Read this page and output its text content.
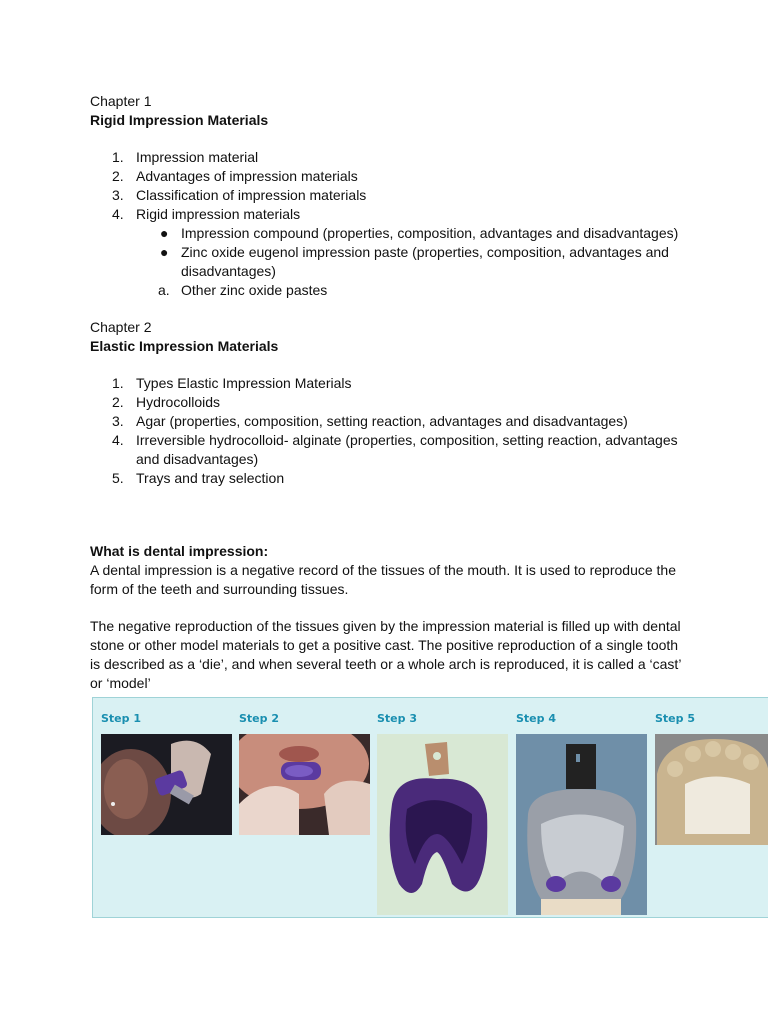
Chapter 1

Rigid Impression Materials

1. Impression material
2. Advantages of impression materials
3. Classification of impression materials
4. Rigid impression materials
● Impression compound (properties, composition, advantages and disadvantages)
● Zinc oxide eugenol impression paste (properties, composition, advantages and disadvantages)
a. Other zinc oxide pastes

Chapter 2

Elastic Impression Materials

1. Types Elastic Impression Materials
2. Hydrocolloids
3. Agar (properties, composition, setting reaction, advantages and disadvantages)
4. Irreversible hydrocolloid- alginate (properties, composition, setting reaction, advantages and disadvantages)
5. Trays and tray selection

What is dental impression:

A dental impression is a negative record of the tissues of the mouth. It is used to reproduce the form of the teeth and surrounding tissues.

The negative reproduction of the tissues given by the impression material is filled up with dental stone or other model materials to get a positive cast. The positive reproduction of a single tooth is described as a ‘die’, and when several teeth or a whole arch is reproduced, it is called a ‘cast’ or ‘model’

Step 1	Step 2	Step 3	Step 4	Step 5
